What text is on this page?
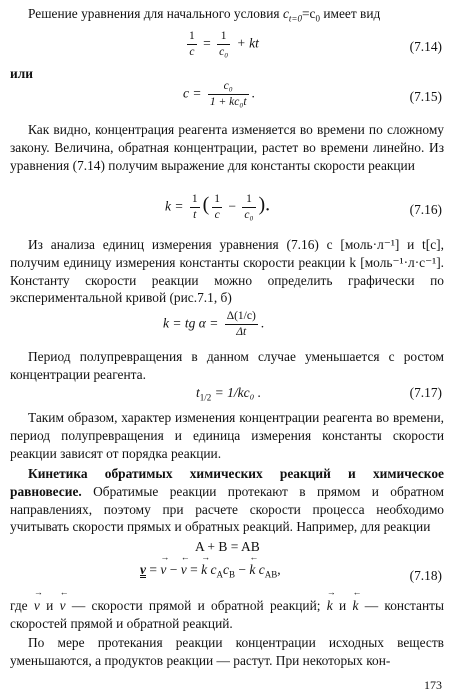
Решение уравнения для начального условия $c_{t=0}=c_0$ имеет вид

$\frac{1}{c} = \frac{1}{\text{c₀}}$ + kt	(7.14)
или
$c = \frac{\text{c₀}}{\text{1 + kc₀t}}$ .	(7.15)

Как видно, концентрация реагента изменяется во времени по сложному закону. Величина, обратная концентрации, растет во времени линейно. Из уравнения (7.14) получим выражение для константы скорости реакции

$k = \frac{1}{t}$ ( $\frac{1}{c} - \frac{1}{\text{c₀}}$ ).	(7.16)

Из анализа единиц измерения уравнения (7.16) c [моль·л⁻¹] и t[c], получим единицу измерения константы скорости реакции k [моль⁻¹·л·c⁻¹]. Константу скорости реакции можно определить графически по экспериментальной кривой (рис.7.1, б)

k = tg $\alpha = \frac{\Delta(1/c)}{\Delta t}$ .

Период полупревращения в данном случае уменьшается с ростом концентрации реагента.

$t_{1/2} = 1/kc_0$ .	(7.17)

Таким образом, характер изменения концентрации реагента во времени, период полупревращения и единица измерения константы скорости реакции зависят от порядка реакции.

Кинетика обратимых химических реакций и химическое равновесие. Обратимые реакции протекают в прямом и обратном направлениях, поэтому при расчете скорости процесса необходимо учитывать скорости прямых и обратных реакций. Например, для реакции

A + B = AB
v =
→
v −
←
v =
→
k $c_Ac_B$ −
←
k $c_{AB}$,	(7.18)

где
→
v и
←
v — скорости прямой и обратной реакций;
→
k и
←
k — константы скоростей прямой и обратной реакций.

По мере протекания реакции концентрации исходных веществ уменьшаются, а продуктов реакции — растут. При некоторых кон-

173
